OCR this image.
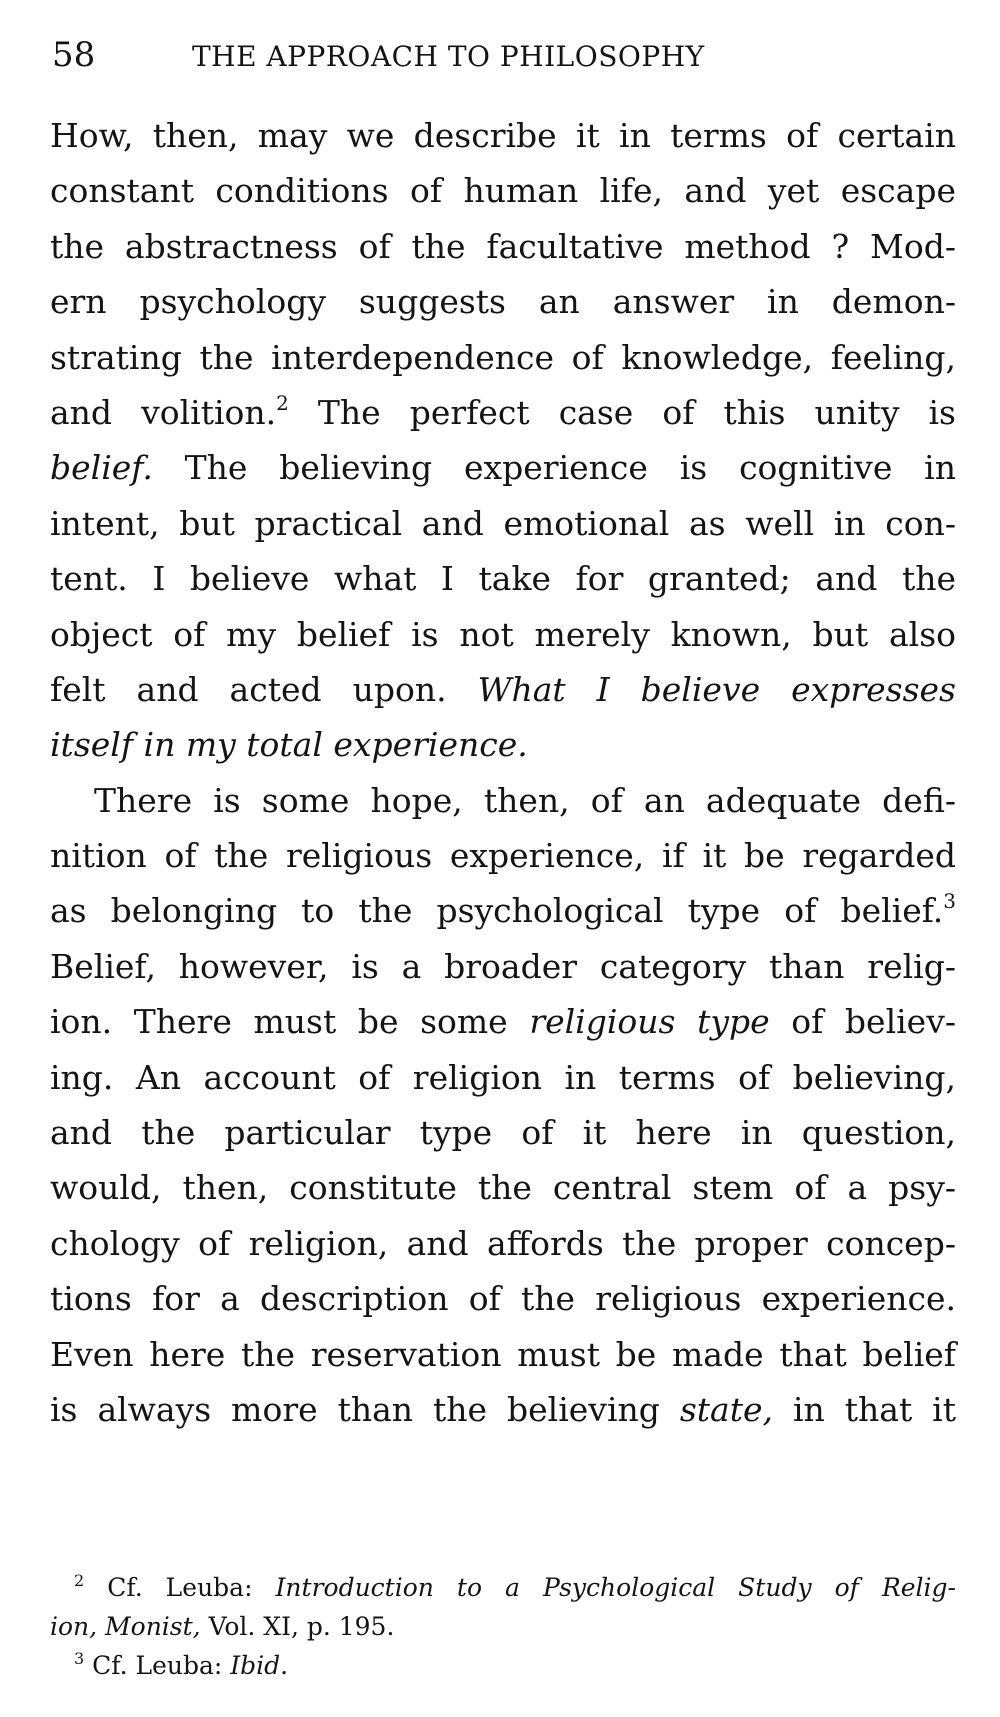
58	THE APPROACH TO PHILOSOPHY
How, then, may we describe it in terms of certain
constant conditions of human life, and yet escape
the abstractness of the facultative method ? Mod-
ern psychology suggests an answer in demon-
strating the interdependence of knowledge, feeling,
and volition.$^2$ The perfect case of this unity is
belief. The believing experience is cognitive in
intent, but practical and emotional as well in con-
tent. I believe what I take for granted; and the
object of my belief is not merely known, but also
felt and acted upon. What I believe expresses
itself in my total experience.
There is some hope, then, of an adequate defi-
nition of the religious experience, if it be regarded
as belonging to the psychological type of belief.$^3$
Belief, however, is a broader category than relig-
ion. There must be some religious type of believ-
ing. An account of religion in terms of believing,
and the particular type of it here in question,
would, then, constitute the central stem of a psy-
chology of religion, and affords the proper concep-
tions for a description of the religious experience.
Even here the reservation must be made that belief
is always more than the believing state, in that it
$^2$ Cf. Leuba: Introduction to a Psychological Study of Relig-
ion, Monist, Vol. XI, p. 195.
$^3$ Cf. Leuba: Ibid.
